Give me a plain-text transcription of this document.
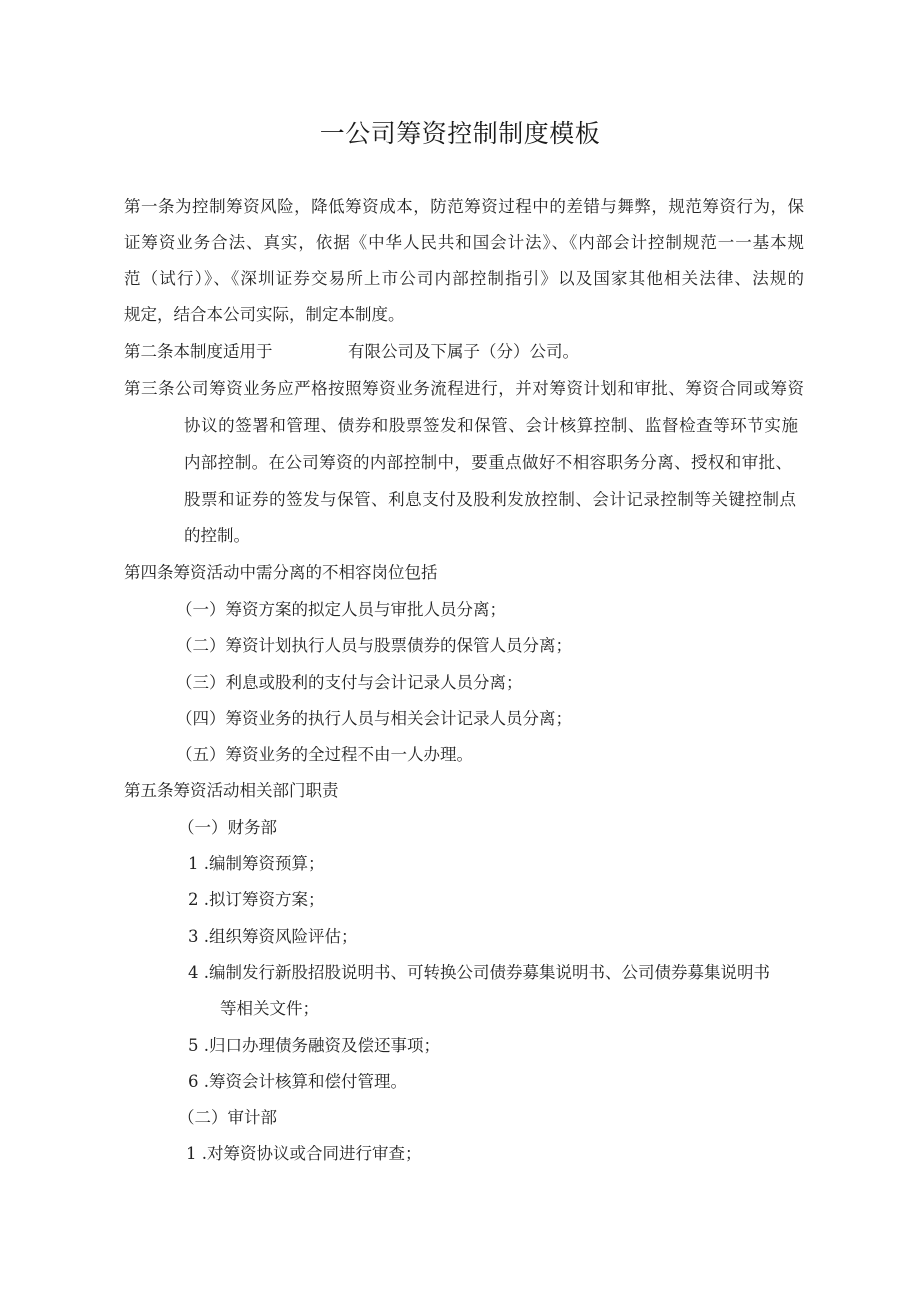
一公司筹资控制制度模板
第一条为控制筹资风险，降低筹资成本，防范筹资过程中的差错与舞弊，规范筹资行为，保
证筹资业务合法、真实，依据《中华人民共和国会计法》、《内部会计控制规范一一基本规
范（试行）》、《深圳证券交易所上市公司内部控制指引》以及国家其他相关法律、法规的
规定，结合本公司实际，制定本制度。
第二条本制度适用于	有限公司及下属子（分）公司。
第三条公司筹资业务应严格按照筹资业务流程进行，并对筹资计划和审批、筹资合同或筹资
协议的签署和管理、债券和股票签发和保管、会计核算控制、监督检查等环节实施
内部控制。在公司筹资的内部控制中，要重点做好不相容职务分离、授权和审批、
股票和证券的签发与保管、利息支付及股利发放控制、会计记录控制等关键控制点
的控制。
第四条筹资活动中需分离的不相容岗位包括
（一）筹资方案的拟定人员与审批人员分离；
（二）筹资计划执行人员与股票债券的保管人员分离；
（三）利息或股利的支付与会计记录人员分离；
（四）筹资业务的执行人员与相关会计记录人员分离；
（五）筹资业务的全过程不由一人办理。
第五条筹资活动相关部门职责
（一）财务部
1 .编制筹资预算；
2 .拟订筹资方案；
3 .组织筹资风险评估；
4 .编制发行新股招股说明书、可转换公司债券募集说明书、公司债券募集说明书
等相关文件；
5 .归口办理债务融资及偿还事项；
6 .筹资会计核算和偿付管理。
（二）审计部
1 .对筹资协议或合同进行审查；
